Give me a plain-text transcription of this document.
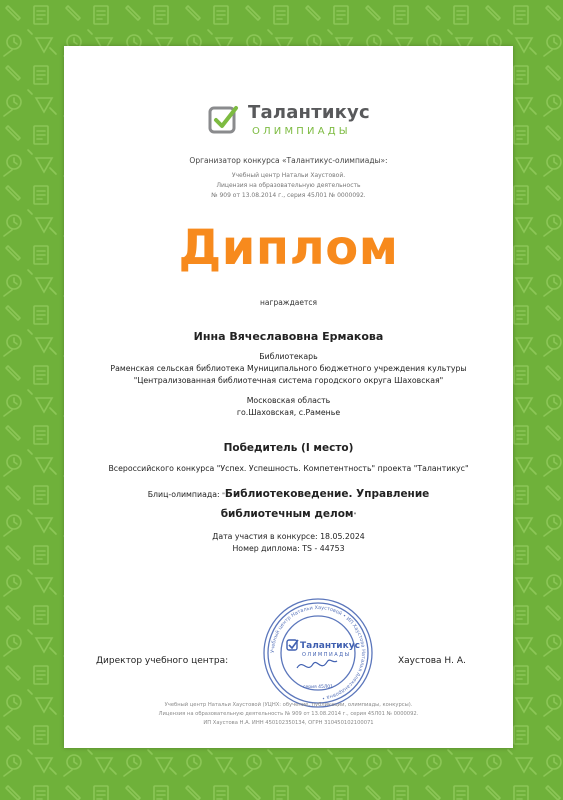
Талантикус
ОЛИМПИАДЫ
Организатор конкурса «Талантикус-олимпиады»:
Учебный центр Натальи Хаустовой.
Лицензия на образовательную деятельность
№ 909 от 13.08.2014 г., серия 45Л01 № 0000092.
Диплом
награждается
Инна Вячеславовна Ермакова
Библиотекарь
Раменская сельская библиотека Муниципального бюджетного учреждения культуры
"Централизованная библиотечная система городского округа Шаховская"
Московская область
го.Шаховская, с.Раменье
Победитель (I место)
Всероссийского конкурса "Успех. Успешность. Компетентность" проекта "Талантикус"
Блиц-олимпиада: "Библиотековедение. Управление
библиотечным делом"
Дата участия в конкурсе: 18.05.2024
Номер диплома: TS - 44753
Учебный центр Натальи Хаустовой • ИП Хаустова Наталья Александровна •
Талантикус
ОЛИМПИАДЫ
серия 45Л01
Директор учебного центра:	Хаустова Н. А.
Учебный центр Натальи Хаустовой (УЦНХ: обучение, публикации, олимпиады, конкурсы).
Лицензия на образовательную деятельность № 909 от 13.08.2014 г., серия 45Л01 № 0000092.
ИП Хаустова Н.А. ИНН 450102350134, ОГРН 310450102100071
